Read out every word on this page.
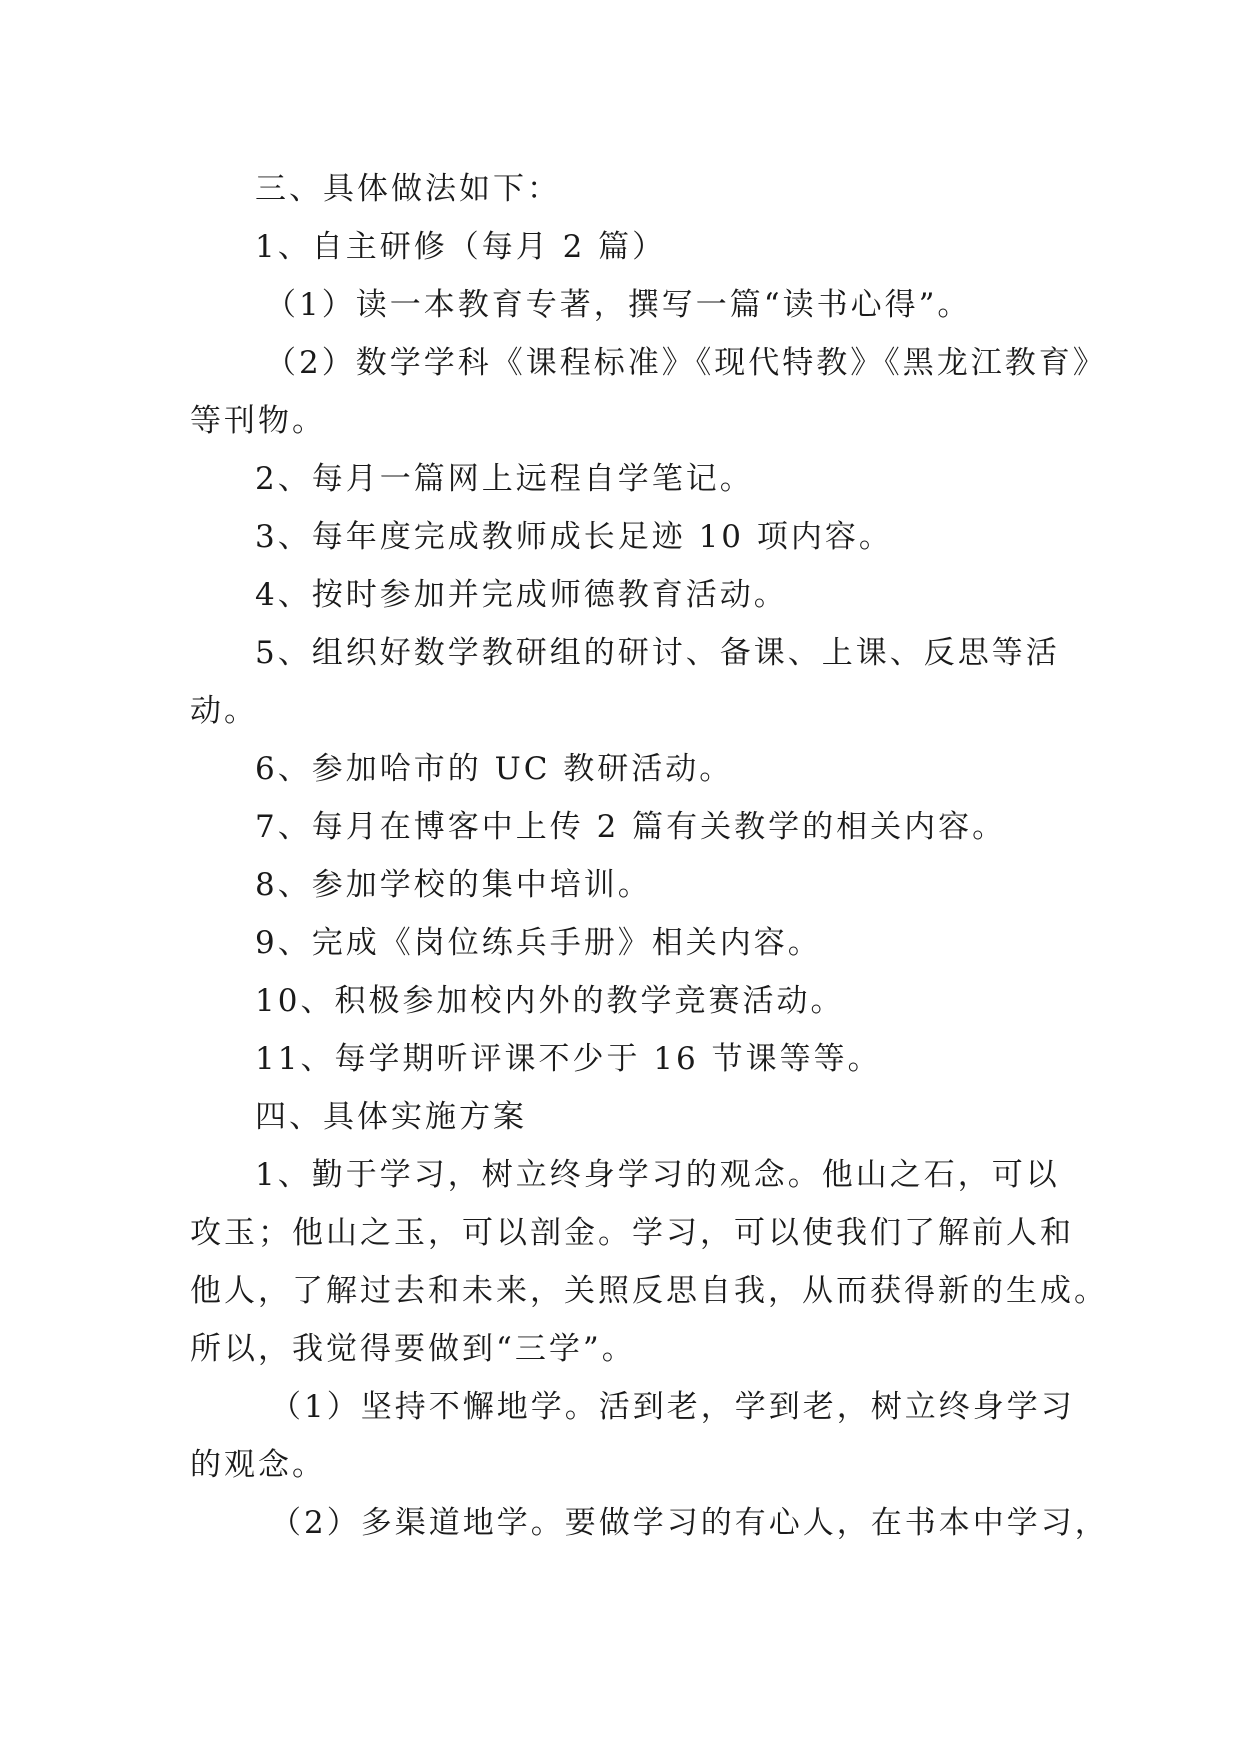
三、具体做法如下：

1、自主研修（每月 2 篇）

（1）读一本教育专著，撰写一篇“读书心得”。

（2）数学学科《课程标准》《现代特教》《黑龙江教育》

等刊物。

2、每月一篇网上远程自学笔记。

3、每年度完成教师成长足迹 10 项内容。

4、按时参加并完成师德教育活动。

5、组织好数学教研组的研讨、备课、上课、反思等活

动。

6、参加哈市的 UC 教研活动。

7、每月在博客中上传 2 篇有关教学的相关内容。

8、参加学校的集中培训。

9、完成《岗位练兵手册》相关内容。

10、积极参加校内外的教学竞赛活动。

11、每学期听评课不少于 16 节课等等。

四、具体实施方案

1、勤于学习，树立终身学习的观念。他山之石，可以

攻玉；他山之玉，可以剖金。学习，可以使我们了解前人和

他人，了解过去和未来，关照反思自我，从而获得新的生成。

所以，我觉得要做到“三学”。

（1）坚持不懈地学。活到老，学到老，树立终身学习

的观念。

（2）多渠道地学。要做学习的有心人，在书本中学习，
